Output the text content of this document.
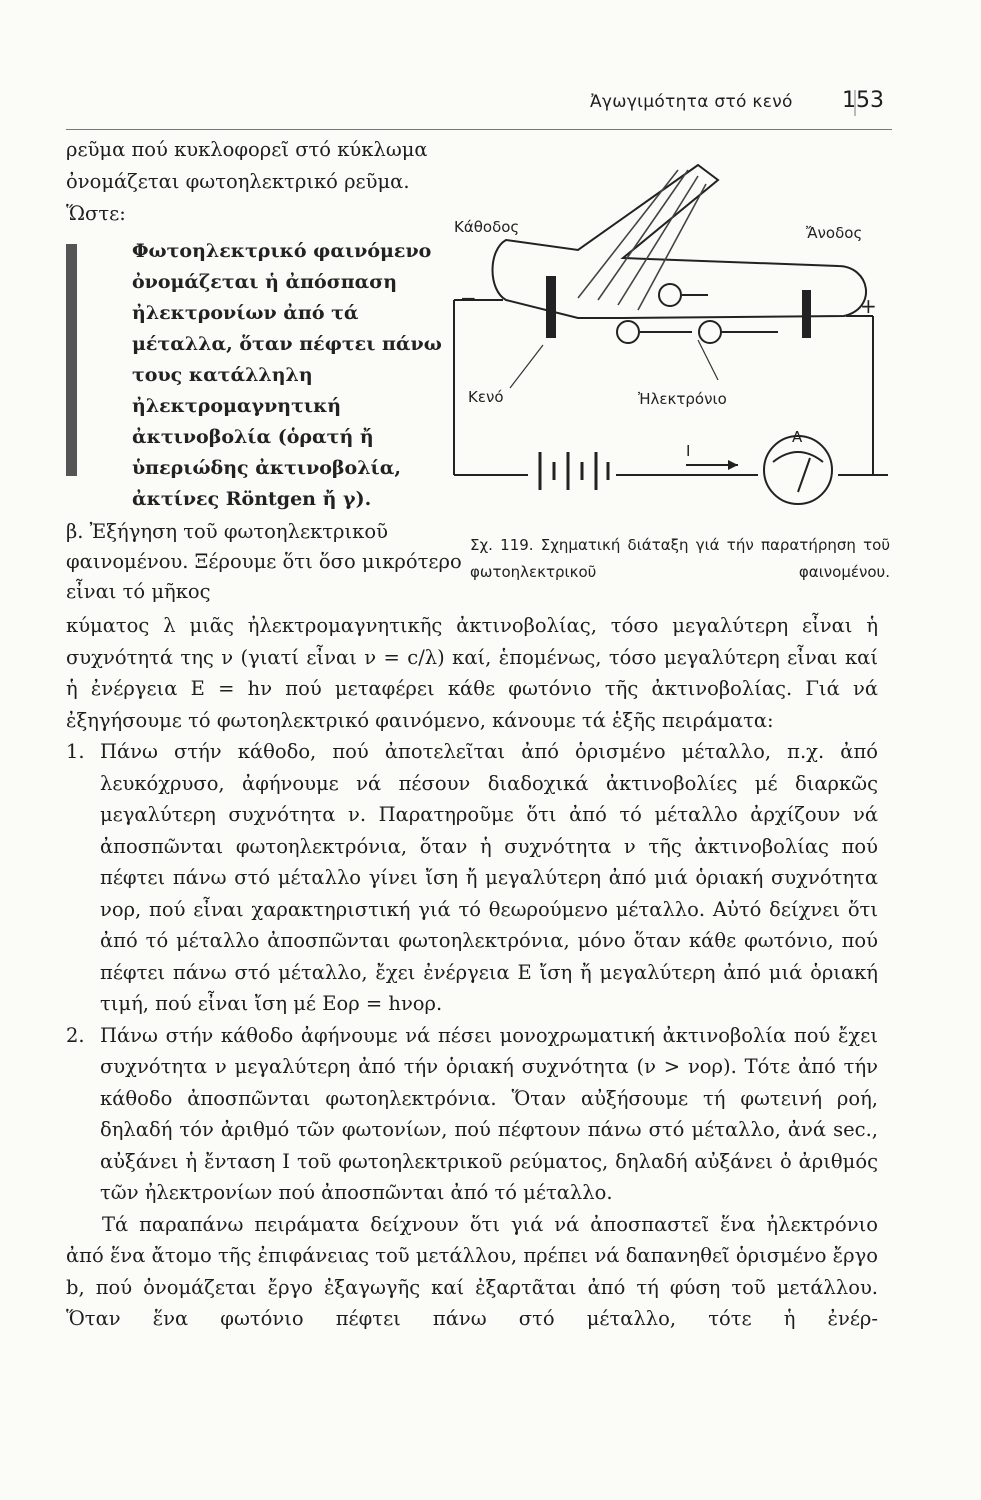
Ἀγωγιμότητα στό κενό 153

ρεῦμα πού κυκλοφορεῖ στό κύκλωμα ὀνομάζεται φωτοηλεκτρικό ρεῦμα. Ὥστε:

Φωτοηλεκτρικό φαινόμενο ὀνομάζεται ἡ ἀπόσπαση ἠλεκτρονίων ἀπό τά μέταλλα, ὅταν πέφτει πάνω τους κατάλληλη ἠλεκτρομαγνητική ἀκτινοβολία (ὁρατή ἤ ὑπεριώδης ἀκτινοβολία, ἀκτίνες Röntgen ἤ γ).

Κάθοδος	Ἄνοδος
Κενό	Ἠλεκτρόνιο
A
I
−	+
Σχ. 119. Σχηματική διάταξη γιά τήν παρατήρηση τοῦ φωτοηλεκτρικοῦ φαινομένου.

β. Ἐξήγηση τοῦ φωτοηλεκτρικοῦ φαινομένου. Ξέρουμε ὅτι ὅσο μικρότερο εἶναι τό μῆκος

κύματος λ μιᾶς ἠλεκτρομαγνητικῆς ἀκτινοβολίας, τόσο μεγαλύτερη εἶναι ἡ συχνότητά της ν (γιατί εἶναι ν = c/λ) καί, ἑπομένως, τόσο μεγαλύτερη εἶναι καί ἡ ἐνέργεια Ε = hν πού μεταφέρει κάθε φωτόνιο τῆς ἀκτινοβολίας. Γιά νά ἐξηγήσουμε τό φωτοηλεκτρικό φαινόμενο, κάνουμε τά ἑξῆς πειράματα:

1. Πάνω στήν κάθοδο, πού ἀποτελεῖται ἀπό ὁρισμένο μέταλλο, π.χ. ἀπό λευκόχρυσο, ἀφήνουμε νά πέσουν διαδοχικά ἀκτινοβολίες μέ διαρκῶς μεγαλύτερη συχνότητα ν. Παρατηροῦμε ὅτι ἀπό τό μέταλλο ἀρχίζουν νά ἀποσπῶνται φωτοηλεκτρόνια, ὅταν ἡ συχνότητα ν τῆς ἀκτινοβολίας πού πέφτει πάνω στό μέταλλο γίνει ἴση ἤ μεγαλύτερη ἀπό μιά ὁριακή συχνότητα νορ, πού εἶναι χαρακτηριστική γιά τό θεωρούμενο μέταλλο. Αὐτό δείχνει ὅτι ἀπό τό μέταλλο ἀποσπῶνται φωτοηλεκτρόνια, μόνο ὅταν κάθε φωτόνιο, πού πέφτει πάνω στό μέταλλο, ἔχει ἐνέργεια Ε ἴση ἤ μεγαλύτερη ἀπό μιά ὁριακή τιμή, πού εἶναι ἴση μέ Εορ = hνορ.
2. Πάνω στήν κάθοδο ἀφήνουμε νά πέσει μονοχρωματική ἀκτινοβολία πού ἔχει συχνότητα ν μεγαλύτερη ἀπό τήν ὁριακή συχνότητα (ν > νορ). Τότε ἀπό τήν κάθοδο ἀποσπῶνται φωτοηλεκτρόνια. Ὅταν αὐξήσουμε τή φωτεινή ροή, δηλαδή τόν ἀριθμό τῶν φωτονίων, πού πέφτουν πάνω στό μέταλλο, ἀνά sec., αὐξάνει ἡ ἔνταση Ι τοῦ φωτοηλεκτρικοῦ ρεύματος, δηλαδή αὐξάνει ὁ ἀριθμός τῶν ἠλεκτρονίων πού ἀποσπῶνται ἀπό τό μέταλλο.

Τά παραπάνω πειράματα δείχνουν ὅτι γιά νά ἀποσπαστεῖ ἕνα ἠλεκτρόνιο ἀπό ἕνα ἄτομο τῆς ἐπιφάνειας τοῦ μετάλλου, πρέπει νά δαπανηθεῖ ὁρισμένο ἔργο b, πού ὀνομάζεται ἔργο ἐξαγωγῆς καί ἐξαρτᾶται ἀπό τή φύση τοῦ μετάλλου. Ὅταν ἕνα φωτόνιο πέφτει πάνω στό μέταλλο, τότε ἡ ἐνέρ-
